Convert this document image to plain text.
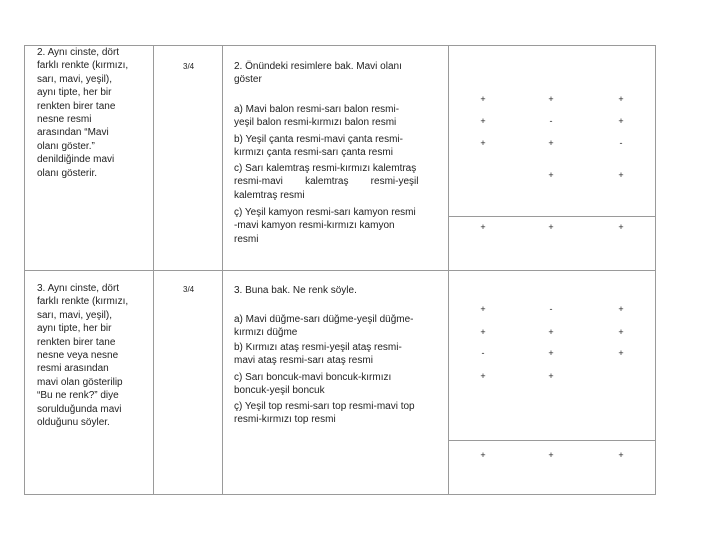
2. Aynı cinste, dört
farklı renkte (kırmızı,
sarı, mavi, yeşil),
aynı tipte, her bir
renkten birer tane
nesne resmi
arasından “Mavi
olanı göster.”
denildiğinde mavi
olanı gösterir.
3/4	2. Önündeki resimlere bak. Mavi olanı
göster
a) Mavi balon resmi-sarı balon resmi-
yeşil balon resmi-kırmızı balon resmi
b) Yeşil çanta resmi-mavi çanta resmi-
kırmızı çanta resmi-sarı çanta resmi
c) Sarı kalemtraş resmi-kırmızı kalemtraş
resmi-mavi        kalemtraş        resmi-yeşil
kalemtraş resmi
ç) Yeşil kamyon resmi-sarı kamyon resmi
-mavi kamyon resmi-kırmızı kamyon
resmi
+	+	+
+	-	+
+	+	-
+	+
+	+	+
3. Aynı cinste, dört
farklı renkte (kırmızı,
sarı, mavi, yeşil),
aynı tipte, her bir
renkten birer tane
nesne veya nesne
resmi arasından
mavi olan gösterilip
“Bu ne renk?” diye
sorulduğunda mavi
olduğunu söyler.
3/4	3. Buna bak. Ne renk söyle.
a) Mavi düğme-sarı düğme-yeşil düğme-
kırmızı düğme
b) Kırmızı ataş resmi-yeşil ataş resmi-
mavi ataş resmi-sarı ataş resmi
c) Sarı boncuk-mavi boncuk-kırmızı
boncuk-yeşil boncuk
ç) Yeşil top resmi-sarı top resmi-mavi top
resmi-kırmızı top resmi
+	-	+
+	+	+
-	+	+
+	+
+	+	+
